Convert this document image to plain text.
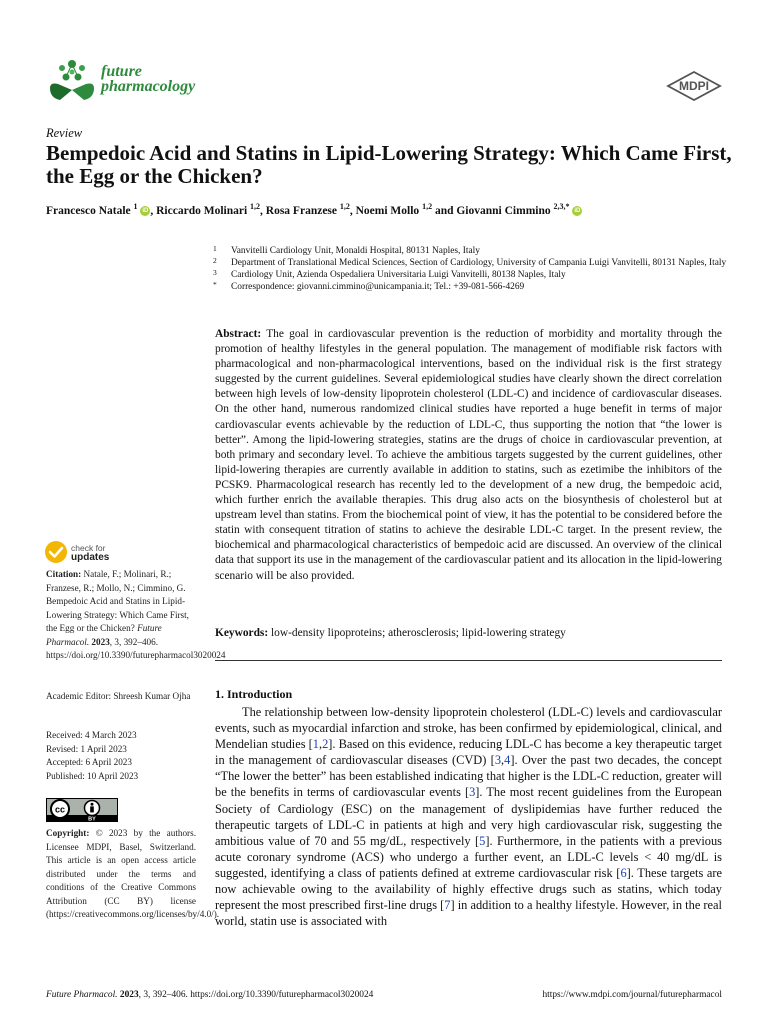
future
pharmacology	MDPI
Review
Bempedoic Acid and Statins in Lipid-Lowering Strategy: Which Came First, the Egg or the Chicken?
Francesco Natale $^1$ iD , Riccardo Molinari $^{1,2}$, Rosa Franzese $^{1,2}$, Noemi Mollo $^{1,2}$ and Giovanni Cimmino $^{2,3,*}$ iD
1 Vanvitelli Cardiology Unit, Monaldi Hospital, 80131 Naples, Italy
2 Department of Translational Medical Sciences, Section of Cardiology, University of Campania Luigi Vanvitelli, 80131 Naples, Italy
3 Cardiology Unit, Azienda Ospedaliera Universitaria Luigi Vanvitelli, 80138 Naples, Italy
* Correspondence: giovanni.cimmino@unicampania.it; Tel.: +39-081-566-4269
Abstract: The goal in cardiovascular prevention is the reduction of morbidity and mortality through the promotion of healthy lifestyles in the general population. The management of modifiable risk factors with pharmacological and non-pharmacological interventions, based on the individual risk is the first strategy suggested by the current guidelines. Several epidemiological studies have clearly shown the direct correlation between high levels of low-density lipoprotein cholesterol (LDL-C) and incidence of cardiovascular diseases. On the other hand, numerous randomized clinical studies have reported a huge benefit in terms of major cardiovascular events achievable by the reduction of LDL-C, thus supporting the notion that “the lower is better”. Among the lipid-lowering strategies, statins are the drugs of choice in cardiovascular prevention, at both primary and secondary level. To achieve the ambitious targets suggested by the current guidelines, other lipid-lowering therapies are currently available in addition to statins, such as ezetimibe the inhibitors of the PCSK9. Pharmacological research has recently led to the development of a new drug, the bempedoic acid, which further enrich the available therapies. This drug also acts on the biosynthesis of cholesterol but at upstream level than statins. From the biochemical point of view, it has the potential to be considered before the statin with consequent titration of statins to achieve the desirable LDL-C target. In the present review, the biochemical and pharmacological characteristics of bempedoic acid are discussed. An overview of the clinical data that support its use in the management of the cardiovascular patient and its allocation in the lipid-lowering scenario will be also provided.
Keywords: low-density lipoproteins; atherosclerosis; lipid-lowering strategy
1. Introduction
The relationship between low-density lipoprotein cholesterol (LDL-C) levels and cardiovascular events, such as myocardial infarction and stroke, has been confirmed by epidemiological, clinical, and Mendelian studies [1,2]. Based on this evidence, reducing LDL-C has become a key therapeutic target in the management of cardiovascular diseases (CVD) [3,4]. Over the past two decades, the concept “The lower the better” has been established indicating that higher is the LDL-C reduction, greater will be the benefits in terms of cardiovascular events [3]. The most recent guidelines from the European Society of Cardiology (ESC) on the management of dyslipidemias have further reduced the therapeutic targets of LDL-C in patients at high and very high cardiovascular risk, suggesting the ambitious value of 70 and 55 mg/dL, respectively [5]. Furthermore, in the patients with a previous acute coronary syndrome (ACS) who undergo a further event, an LDL-C levels < 40 mg/dL is suggested, identifying a class of patients defined at extreme cardiovascular risk [6]. These targets are now achievable owing to the availability of highly effective drugs such as statins, which today represent the most prescribed first-line drugs [7] in addition to a healthy lifestyle. However, in the real world, statin use is associated with
check for
updates
Citation: Natale, F.; Molinari, R.; Franzese, R.; Mollo, N.; Cimmino, G. Bempedoic Acid and Statins in Lipid-Lowering Strategy: Which Came First, the Egg or the Chicken? Future Pharmacol. 2023, 3, 392–406. https://doi.org/10.3390/futurepharmacol3020024
Academic Editor: Shreesh Kumar Ojha
Received: 4 March 2023
Revised: 1 April 2023
Accepted: 6 April 2023
Published: 10 April 2023
cc
BY
Copyright: © 2023 by the authors. Licensee MDPI, Basel, Switzerland. This article is an open access article distributed under the terms and conditions of the Creative Commons Attribution (CC BY) license (https://creativecommons.org/licenses/by/4.0/).
Future Pharmacol. 2023, 3, 392–406. https://doi.org/10.3390/futurepharmacol3020024	https://www.mdpi.com/journal/futurepharmacol
